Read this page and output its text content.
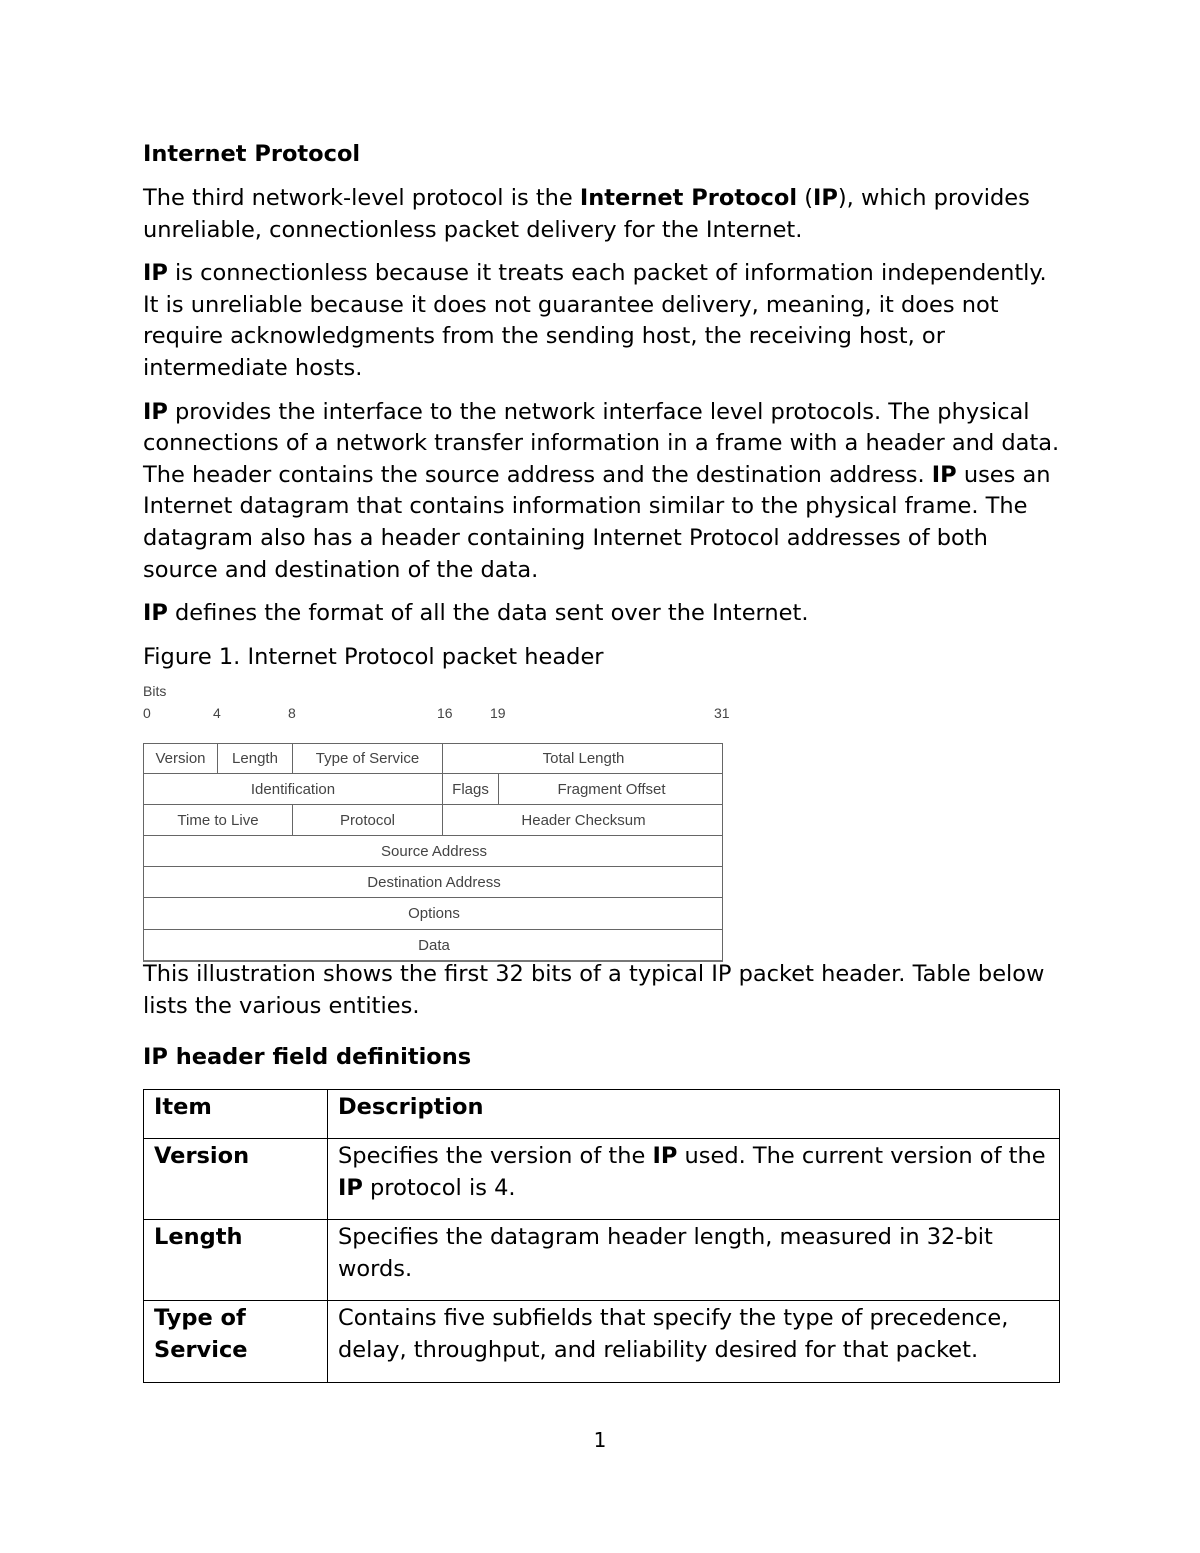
Internet Protocol

The third network-level protocol is the Internet Protocol (IP), which provides unreliable, connectionless packet delivery for the Internet.

IP is connectionless because it treats each packet of information independently. It is unreliable because it does not guarantee delivery, meaning, it does not require acknowledgments from the sending host, the receiving host, or intermediate hosts.

IP provides the interface to the network interface level protocols. The physical connections of a network transfer information in a frame with a header and data. The header contains the source address and the destination address. IP uses an Internet datagram that contains information similar to the physical frame. The datagram also has a header containing Internet Protocol addresses of both source and destination of the data.

IP defines the format of all the data sent over the Internet.

Figure 1. Internet Protocol packet header

Bits
0	4	8	16	19	31
Version	Length	Type of Service	Total Length
Identification	Flags	Fragment Offset
Time to Live	Protocol	Header Checksum
Source Address
Destination Address
Options
Data

This illustration shows the first 32 bits of a typical IP packet header. Table below lists the various entities.

IP header field definitions
Item	Description
Version	Specifies the version of the IP used. The current version of the IP protocol is 4.
Length	Specifies the datagram header length, measured in 32-bit words.
Type of Service	Contains five subfields that specify the type of precedence, delay, throughput, and reliability desired for that packet.
1
